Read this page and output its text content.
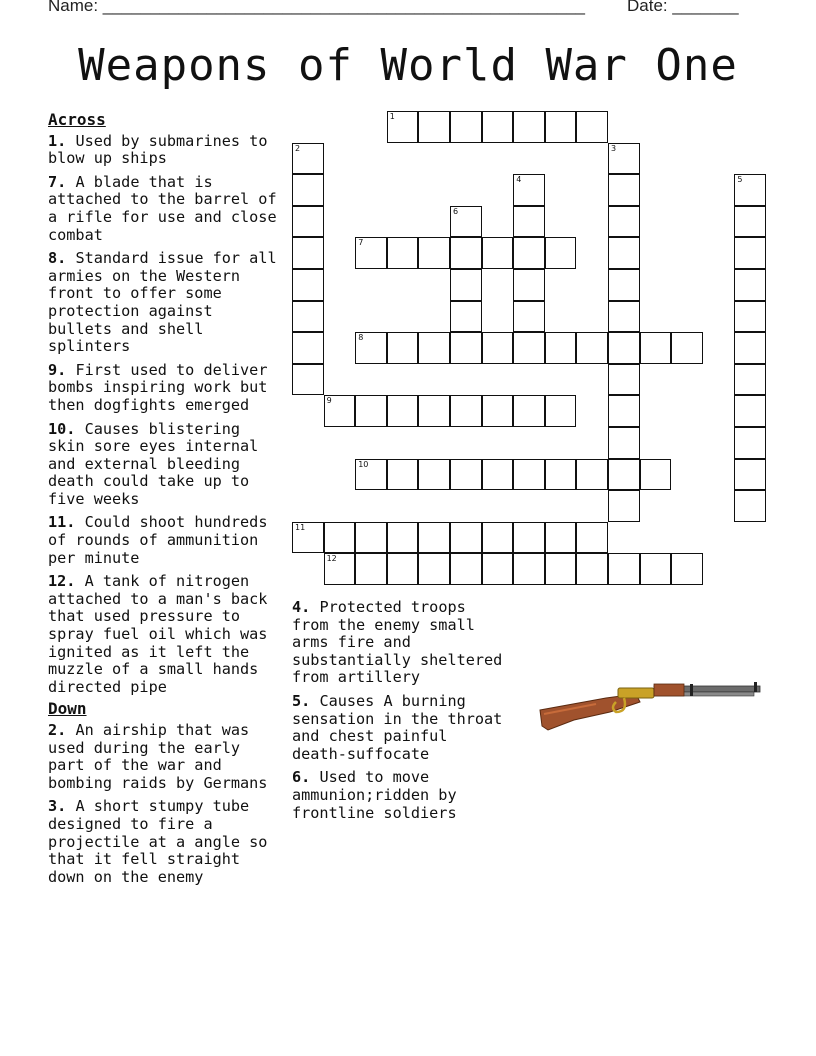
Name: ___________________________________________________ Date: _______
Weapons of World War One
Across
1. Used by submarines to blow up ships
7. A blade that is attached to the barrel of a rifle for use and close combat
8. Standard issue for all armies on the Western front to offer some protection against bullets and shell splinters
9. First used to deliver bombs inspiring work but then dogfights emerged
10. Causes blistering skin sore eyes internal and external bleeding death could take up to five weeks
11. Could shoot hundreds of rounds of ammunition per minute
12. A tank of nitrogen attached to a man's back that used pressure to spray fuel oil which was ignited as it left the muzzle of a small hands directed pipe
Down
2. An airship that was used during the early part of the war and bombing raids by Germans
3. A short stumpy tube designed to fire a projectile at a angle so that it fell straight down on the enemy
4. Protected troops from the enemy small arms fire and substantially sheltered from artillery
5. Causes A burning sensation in the throat and chest painful death-suffocate
6. Used to move ammunion;ridden by frontline soldiers
1
7
8
9
10
11
12
2	3
4	5
6
